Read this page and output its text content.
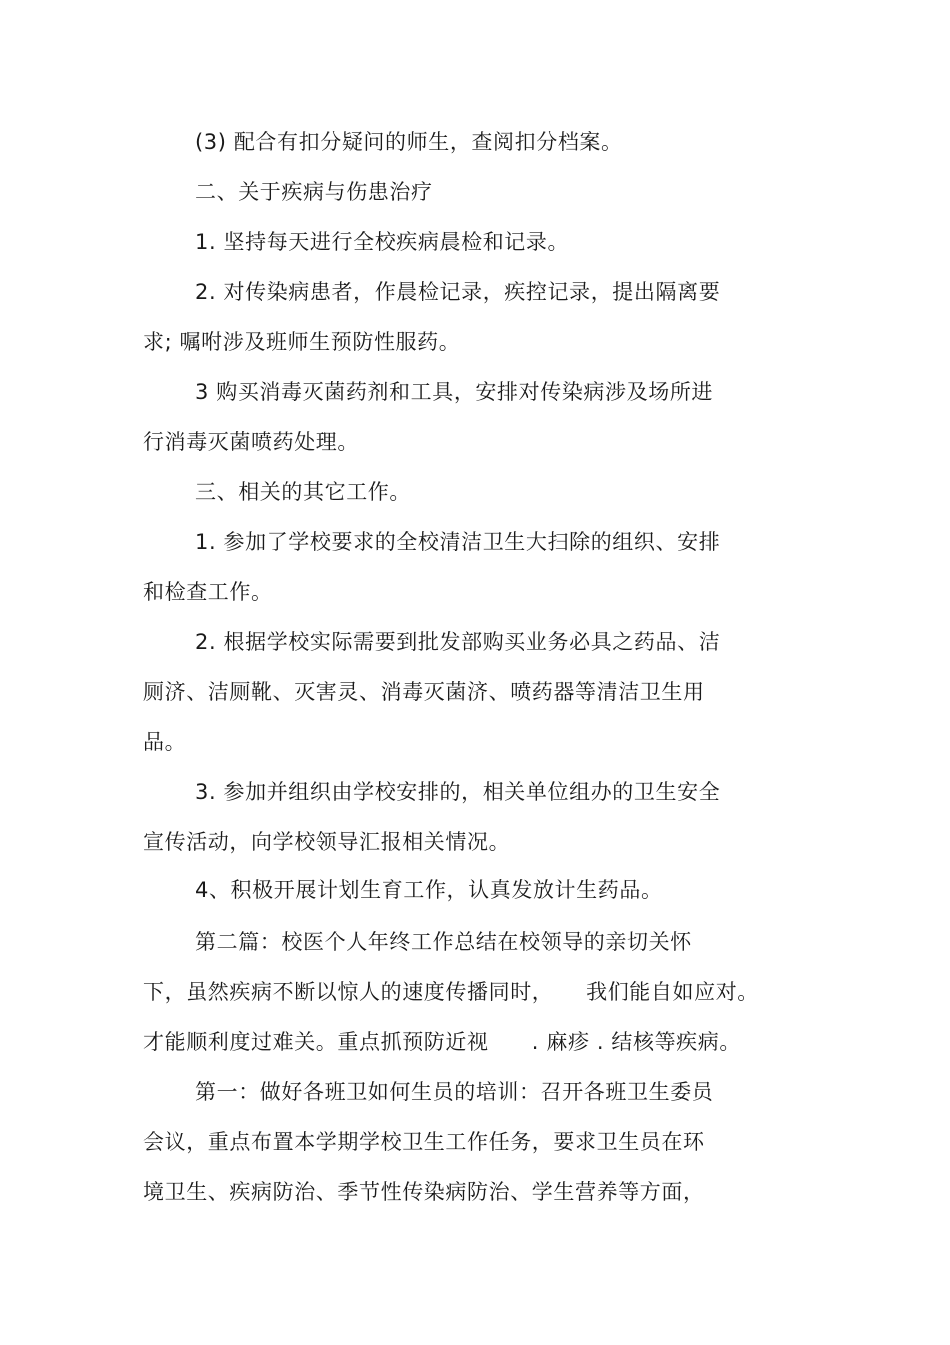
(3) 配合有扣分疑问的师生，查阅扣分档案。

二、关于疾病与伤患治疗

1. 坚持每天进行全校疾病晨检和记录。

2. 对传染病患者，作晨检记录，疾控记录，提出隔离要

求; 嘱咐涉及班师生预防性服药。

3 购买消毒灭菌药剂和工具，安排对传染病涉及场所进

行消毒灭菌喷药处理。

三、相关的其它工作。

1. 参加了学校要求的全校清洁卫生大扫除的组织、安排

和检查工作。

2. 根据学校实际需要到批发部购买业务必具之药品、洁

厕济、洁厕靴、灭害灵、消毒灭菌济、喷药器等清洁卫生用

品。

3. 参加并组织由学校安排的，相关单位组办的卫生安全

宣传活动，向学校领导汇报相关情况。

4、积极开展计划生育工作，认真发放计生药品。

第二篇：校医个人年终工作总结在校领导的亲切关怀

下，虽然疾病不断以惊人的速度传播同时，　　我们能自如应对。

才能顺利度过难关。重点抓预防近视　　. 麻疹 . 结核等疾病。

第一：做好各班卫如何生员的培训：召开各班卫生委员

会议，重点布置本学期学校卫生工作任务，要求卫生员在环

境卫生、疾病防治、季节性传染病防治、学生营养等方面，
